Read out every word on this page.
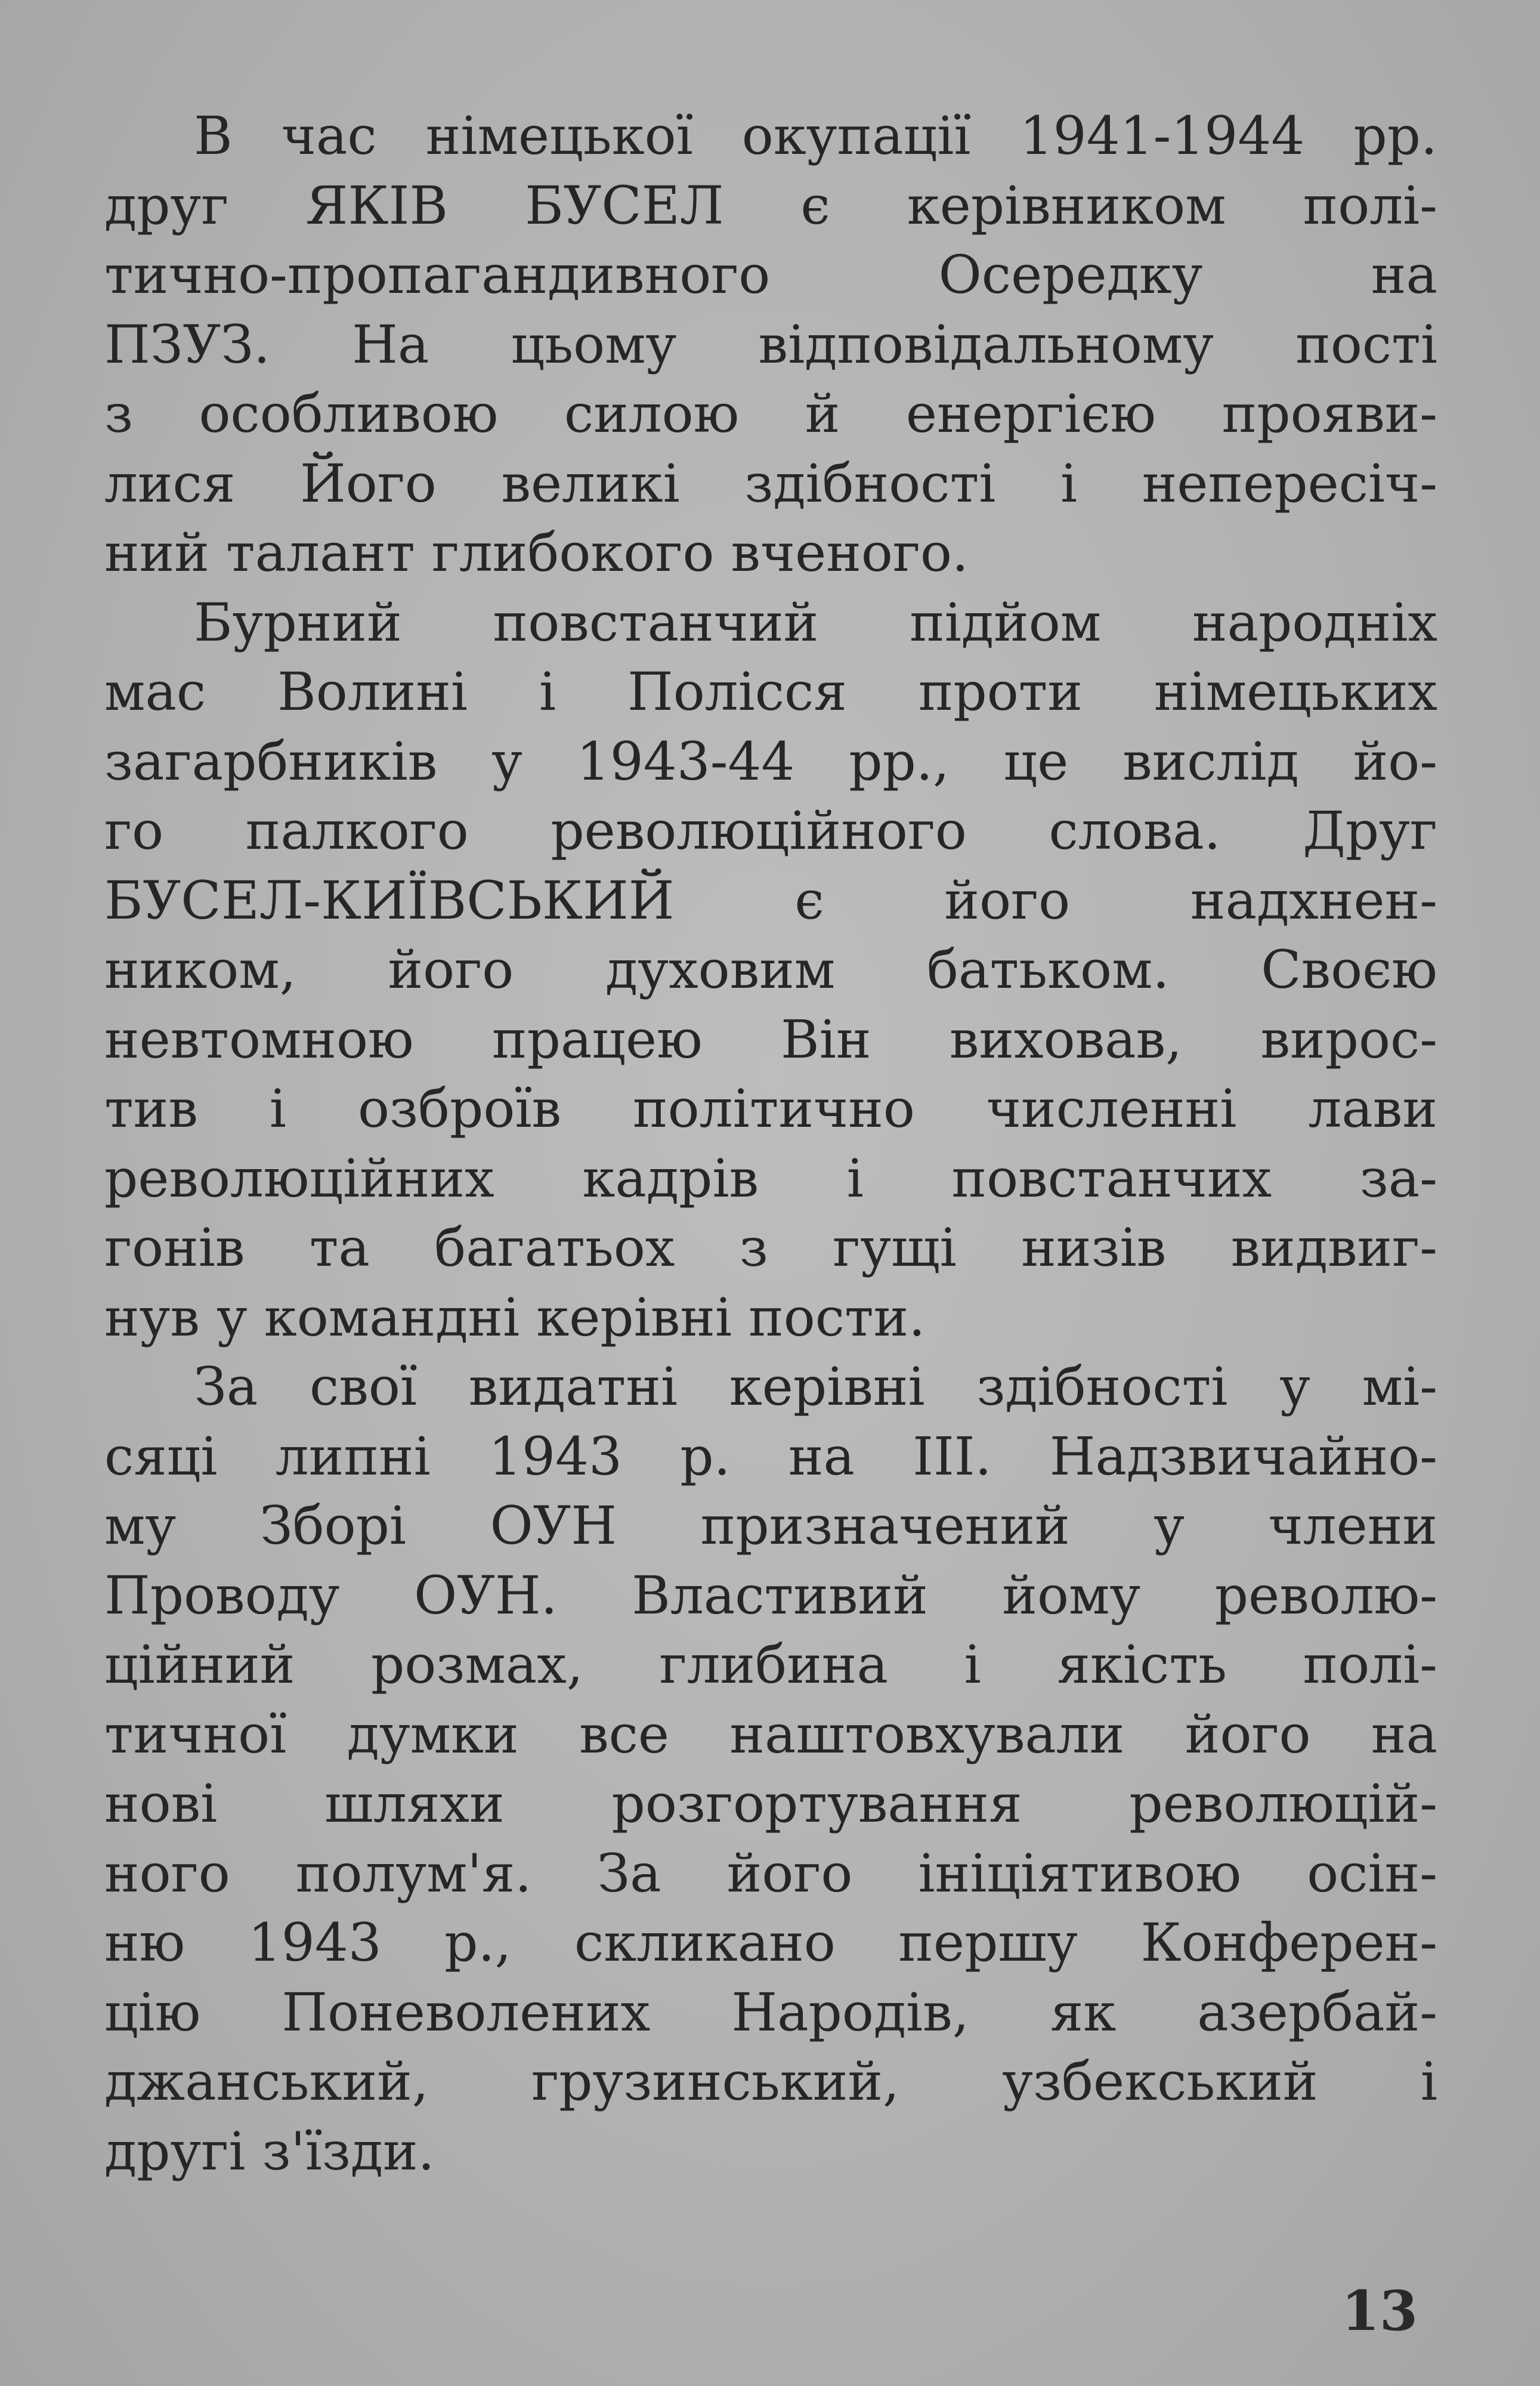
В час німецької окупації 1941-1944 рр.
друг ЯКІВ БУСЕЛ є керівником полі-
тично-пропагандивного Осередку на
ПЗУЗ. На цьому відповідальному пості
з особливою силою й енергією прояви-
лися Його великі здібності і непересіч-
ний талант глибокого вченого.
Бурний повстанчий підйом народніх
мас Волині і Полісся проти німецьких
загарбників у 1943-44 рр., це вислід йо-
го палкого революційного слова. Друг
БУСЕЛ-КИЇВСЬКИЙ є його надхнен-
ником, його духовим батьком. Своєю
невтомною працею Він виховав, вирос-
тив і озброїв політично численні лави
революційних кадрів і повстанчих за-
гонів та багатьох з гущі низів видвиг-
нув у командні керівні пости.
За свої видатні керівні здібності у мі-
сяці липні 1943 р. на III. Надзвичайно-
му Зборі ОУН призначений у члени
Проводу ОУН. Властивий йому револю-
ційний розмах, глибина і якість полі-
тичної думки все наштовхували його на
нові шляхи розгортування революцій-
ного полум'я. За його ініціятивою осін-
ню 1943 р., скликано першу Конферен-
цію Поневолених Народів, як азербай-
джанський, грузинський, узбекський і
другі з'їзди.
13
